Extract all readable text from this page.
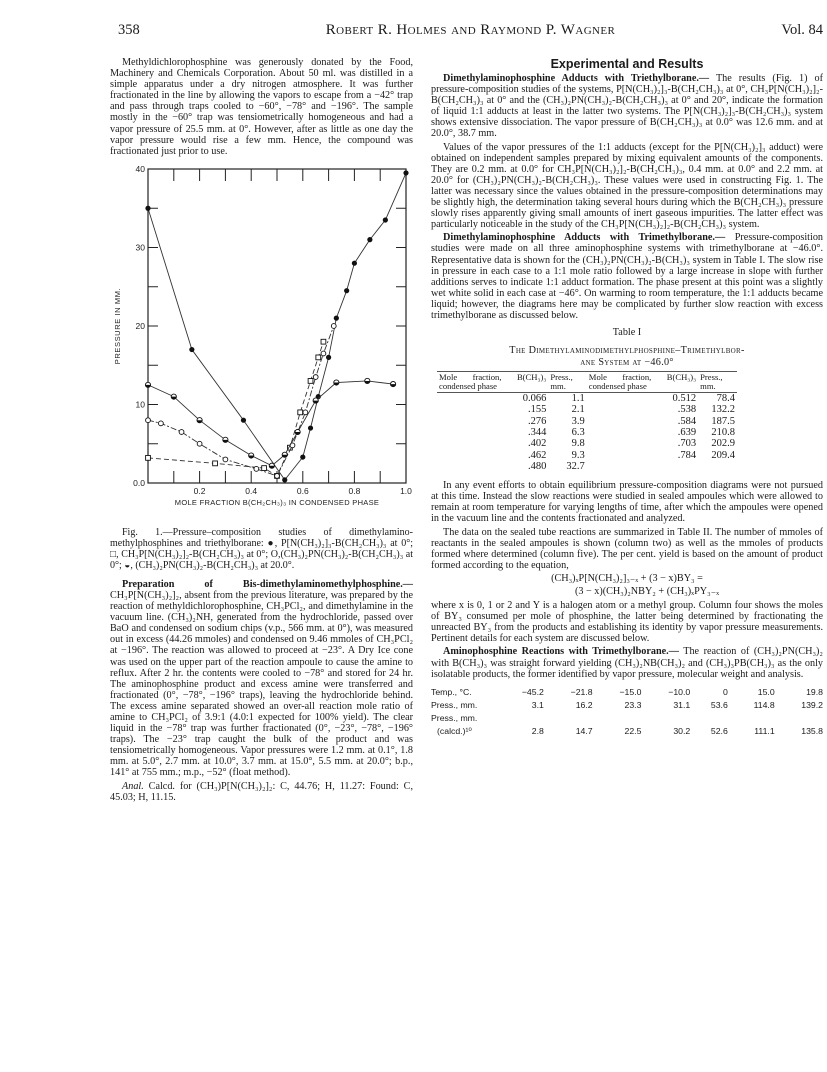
358	Robert R. Holmes and Raymond P. Wagner	Vol. 84

Methyldichlorophosphine was generously donated by the Food, Machinery and Chemicals Corporation. About 50 ml. was distilled in a simple apparatus under a dry nitrogen atmosphere. It was further fractionated in the line by allowing the vapors to escape from a −42° trap and pass through traps cooled to −60°, −78° and −196°. The sample mostly in the −60° trap was tensiometrically homogeneous and had a vapor pressure of 25.5 mm. at 0°. However, after as little as one day the vapor pressure would rise a few mm. Hence, the compound was fractionated just prior to use.

0.0
10
20
30
40
0.2	0.4	0.6	0.8	1.0
PRESSURE IN MM.
MOLE FRACTION B(CH₂CH₃)₃ IN CONDENSED PHASE

Fig. 1.—Pressure–composition studies of dimethylamino-methylphosphines and triethylborane: ●, P[N(CH₃)₂]₃-B(CH₂CH₃)₃ at 0°; □, CH₃P[N(CH₃)₂]₂-B(CH₂CH₃)₃ at 0°; O,(CH₃)₂PN(CH₃)₂-B(CH₂CH₃)₃ at 0°; ◒, (CH₃)₂PN(CH₃)₂-B(CH₂CH₃)₃ at 20.0°.

Preparation of Bis-dimethylaminomethylphosphine.— CH₃P[N(CH₃)₂]₂, absent from the previous literature, was prepared by the reaction of methyldichlorophosphine, CH₃PCl₂, and dimethylamine in the vacuum line. (CH₃)₂NH, generated from the hydrochloride, passed over BaO and condensed on sodium chips (v.p., 566 mm. at 0°), was measured out in excess (44.26 mmoles) and condensed on 9.46 mmoles of CH₃PCl₂ at −196°. The reaction was allowed to proceed at −23°. A Dry Ice cone was used on the upper part of the reaction ampoule to cause the amine to reflux. After 2 hr. the contents were cooled to −78° and stored for 24 hr. The aminophosphine product and excess amine were transferred and fractionated (0°, −78°, −196° traps), leaving the hydrochloride behind. The excess amine separated showed an over-all reaction mole ratio of amine to CH₃PCl₂ of 3.9:1 (4.0:1 expected for 100% yield). The clear liquid in the −78° trap was further fractionated (0°, −23°, −78°, −196° traps). The −23° trap caught the bulk of the product and was tensiometrically homogeneous. Vapor pressures were 1.2 mm. at 0.1°, 1.8 mm. at 5.0°, 2.7 mm. at 10.0°, 3.7 mm. at 15.0°, 5.5 mm. at 20.0°; b.p., 141° at 755 mm.; m.p., −52° (float method).

Anal. Calcd. for (CH₃)P[N(CH₃)₂]₂: C, 44.76; H, 11.27: Found: C, 45.03; H, 11.15.

Experimental and Results

Dimethylaminophosphine Adducts with Triethylborane.— The results (Fig. 1) of pressure-composition studies of the systems, P[N(CH₃)₂]₃-B(CH₂CH₃)₃ at 0°, CH₃P[N(CH₃)₂]₂-B(CH₂CH₃)₃ at 0° and the (CH₃)₂PN(CH₃)₂-B(CH₂CH₃)₃ at 0° and 20°, indicate the formation of liquid 1:1 adducts at least in the latter two systems. The P[N(CH₃)₂]₃-B(CH₂CH₃)₃ system shows extensive dissociation. The vapor pressure of B(CH₂CH₃)₃ at 0.0° was 12.6 mm. and at 20.0°, 38.7 mm.

Values of the vapor pressures of the 1:1 adducts (except for the P[N(CH₃)₂]₃ adduct) were obtained on independent samples prepared by mixing equivalent amounts of the components. They are 0.2 mm. at 0.0° for CH₃P[N(CH₃)₂]₂-B(CH₂CH₃)₃, 0.4 mm. at 0.0° and 2.2 mm. at 20.0° for (CH₃)₂PN(CH₃)₂-B(CH₂CH₃)₃. These values were used in constructing Fig. 1. The latter was necessary since the values obtained in the pressure-composition determinations may be slightly high, the determination taking several hours during which the B(CH₂CH₃)₃ pressure slowly rises apparently giving small amounts of inert gaseous impurities. The latter effect was particularly noticeable in the study of the CH₃P[N(CH₃)₂]₂-B(CH₂CH₃)₃ system.

Dimethylaminophosphine Adducts with Trimethylborane.— Pressure-composition studies were made on all three aminophosphine systems with trimethylborane at −46.0°. Representative data is shown for the (CH₃)₂PN(CH₃)₂-B(CH₃)₃ system in Table I. The slow rise in pressure in each case to a 1:1 mole ratio followed by a large increase in slope with further additions serves to indicate 1:1 adduct formation. The phase present at this point was a slightly wet white solid in each case at −46°. On warming to room temperature, the 1:1 adducts became liquid; however, the diagrams here may be complicated by further slow reaction with excess trimethylborane as discussed below.

Table I
The Dimethylaminodimethylphosphine–Trimethylbor-
ane System at −46.0°
Mole fraction, B(CH₃)₃ condensed phase	Press., mm.	Mole fraction, B(CH₃)₃ condensed phase	Press., mm.
0.066	1.1	0.512	78.4
.155	2.1	.538	132.2
.276	3.9	.584	187.5
.344	6.3	.639	210.8
.402	9.8	.703	202.9
.462	9.3	.784	209.4
.480	32.7		

In any event efforts to obtain equilibrium pressure-composition diagrams were not pursued at this time. Instead the slow reactions were studied in sealed ampoules which were allowed to remain at room temperature for varying lengths of time, after which the ampoules were opened in the vacuum line and the contents fractionated and analyzed.

The data on the sealed tube reactions are summarized in Table II. The number of mmoles of reactants in the sealed ampoules is shown (column two) as well as the mmoles of products formed where determined (column five). The per cent. yield is based on the amount of product formed according to the equation,

(CH₃)ₓP[N(CH₃)₂]₃₋ₓ + (3 − x)BY₃ =

(3 − x)(CH₃)₂NBY₂ + (CH₃)ₓPY₃₋ₓ

where x is 0, 1 or 2 and Y is a halogen atom or a methyl group. Column four shows the moles of BY₃ consumed per mole of phosphine, the latter being determined by fractionating the unreacted BY₃ from the products and establishing its identity by vapor pressure measurements. Pertinent details for each system are discussed below.

Aminophosphine Reactions with Trimethylborane.— The reaction of (CH₃)₂PN(CH₃)₂ with B(CH₃)₃ was straight forward yielding (CH₃)₂NB(CH₃)₂ and (CH₃)₃PB(CH₃)₃ as the only isolatable products, the former identified by vapor pressure, molecular weight and analysis.

Temp., °C.	−45.2	−21.8	−15.0	−10.0	0	15.0	19.8
Press., mm.	3.1	16.2	23.3	31.1	53.6	114.8	139.2
Press., mm.							
(calcd.)¹⁰	2.8	14.7	22.5	30.2	52.6	111.1	135.8
